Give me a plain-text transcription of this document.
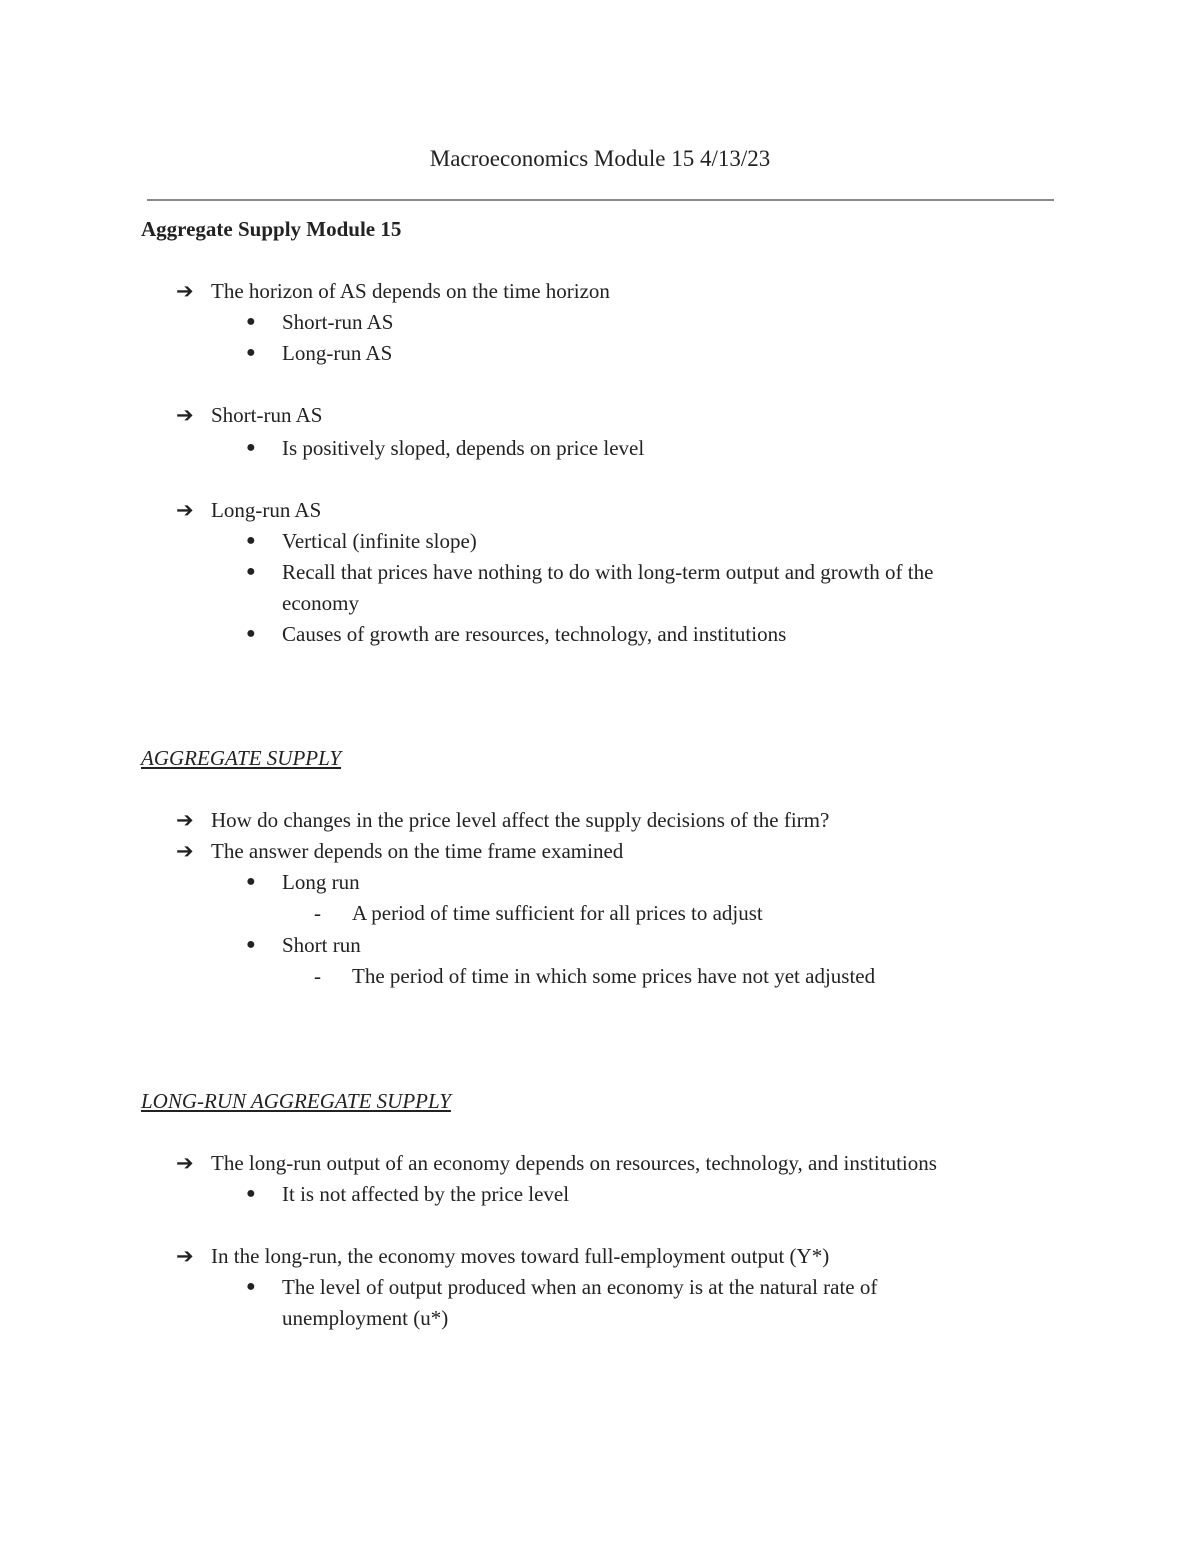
Macroeconomics Module 15 4/13/23
Aggregate Supply Module 15
➔ The horizon of AS depends on the time horizon
● Short-run AS
● Long-run AS
➔ Short-run AS
● Is positively sloped, depends on price level
➔ Long-run AS
● Vertical (infinite slope)
● Recall that prices have nothing to do with long-term output and growth of the
economy
● Causes of growth are resources, technology, and institutions
AGGREGATE SUPPLY
➔ How do changes in the price level affect the supply decisions of the firm?
➔ The answer depends on the time frame examined
● Long run
- A period of time sufficient for all prices to adjust
● Short run
- The period of time in which some prices have not yet adjusted
LONG-RUN AGGREGATE SUPPLY
➔ The long-run output of an economy depends on resources, technology, and institutions
● It is not affected by the price level
➔ In the long-run, the economy moves toward full-employment output (Y*)
● The level of output produced when an economy is at the natural rate of
unemployment (u*)
